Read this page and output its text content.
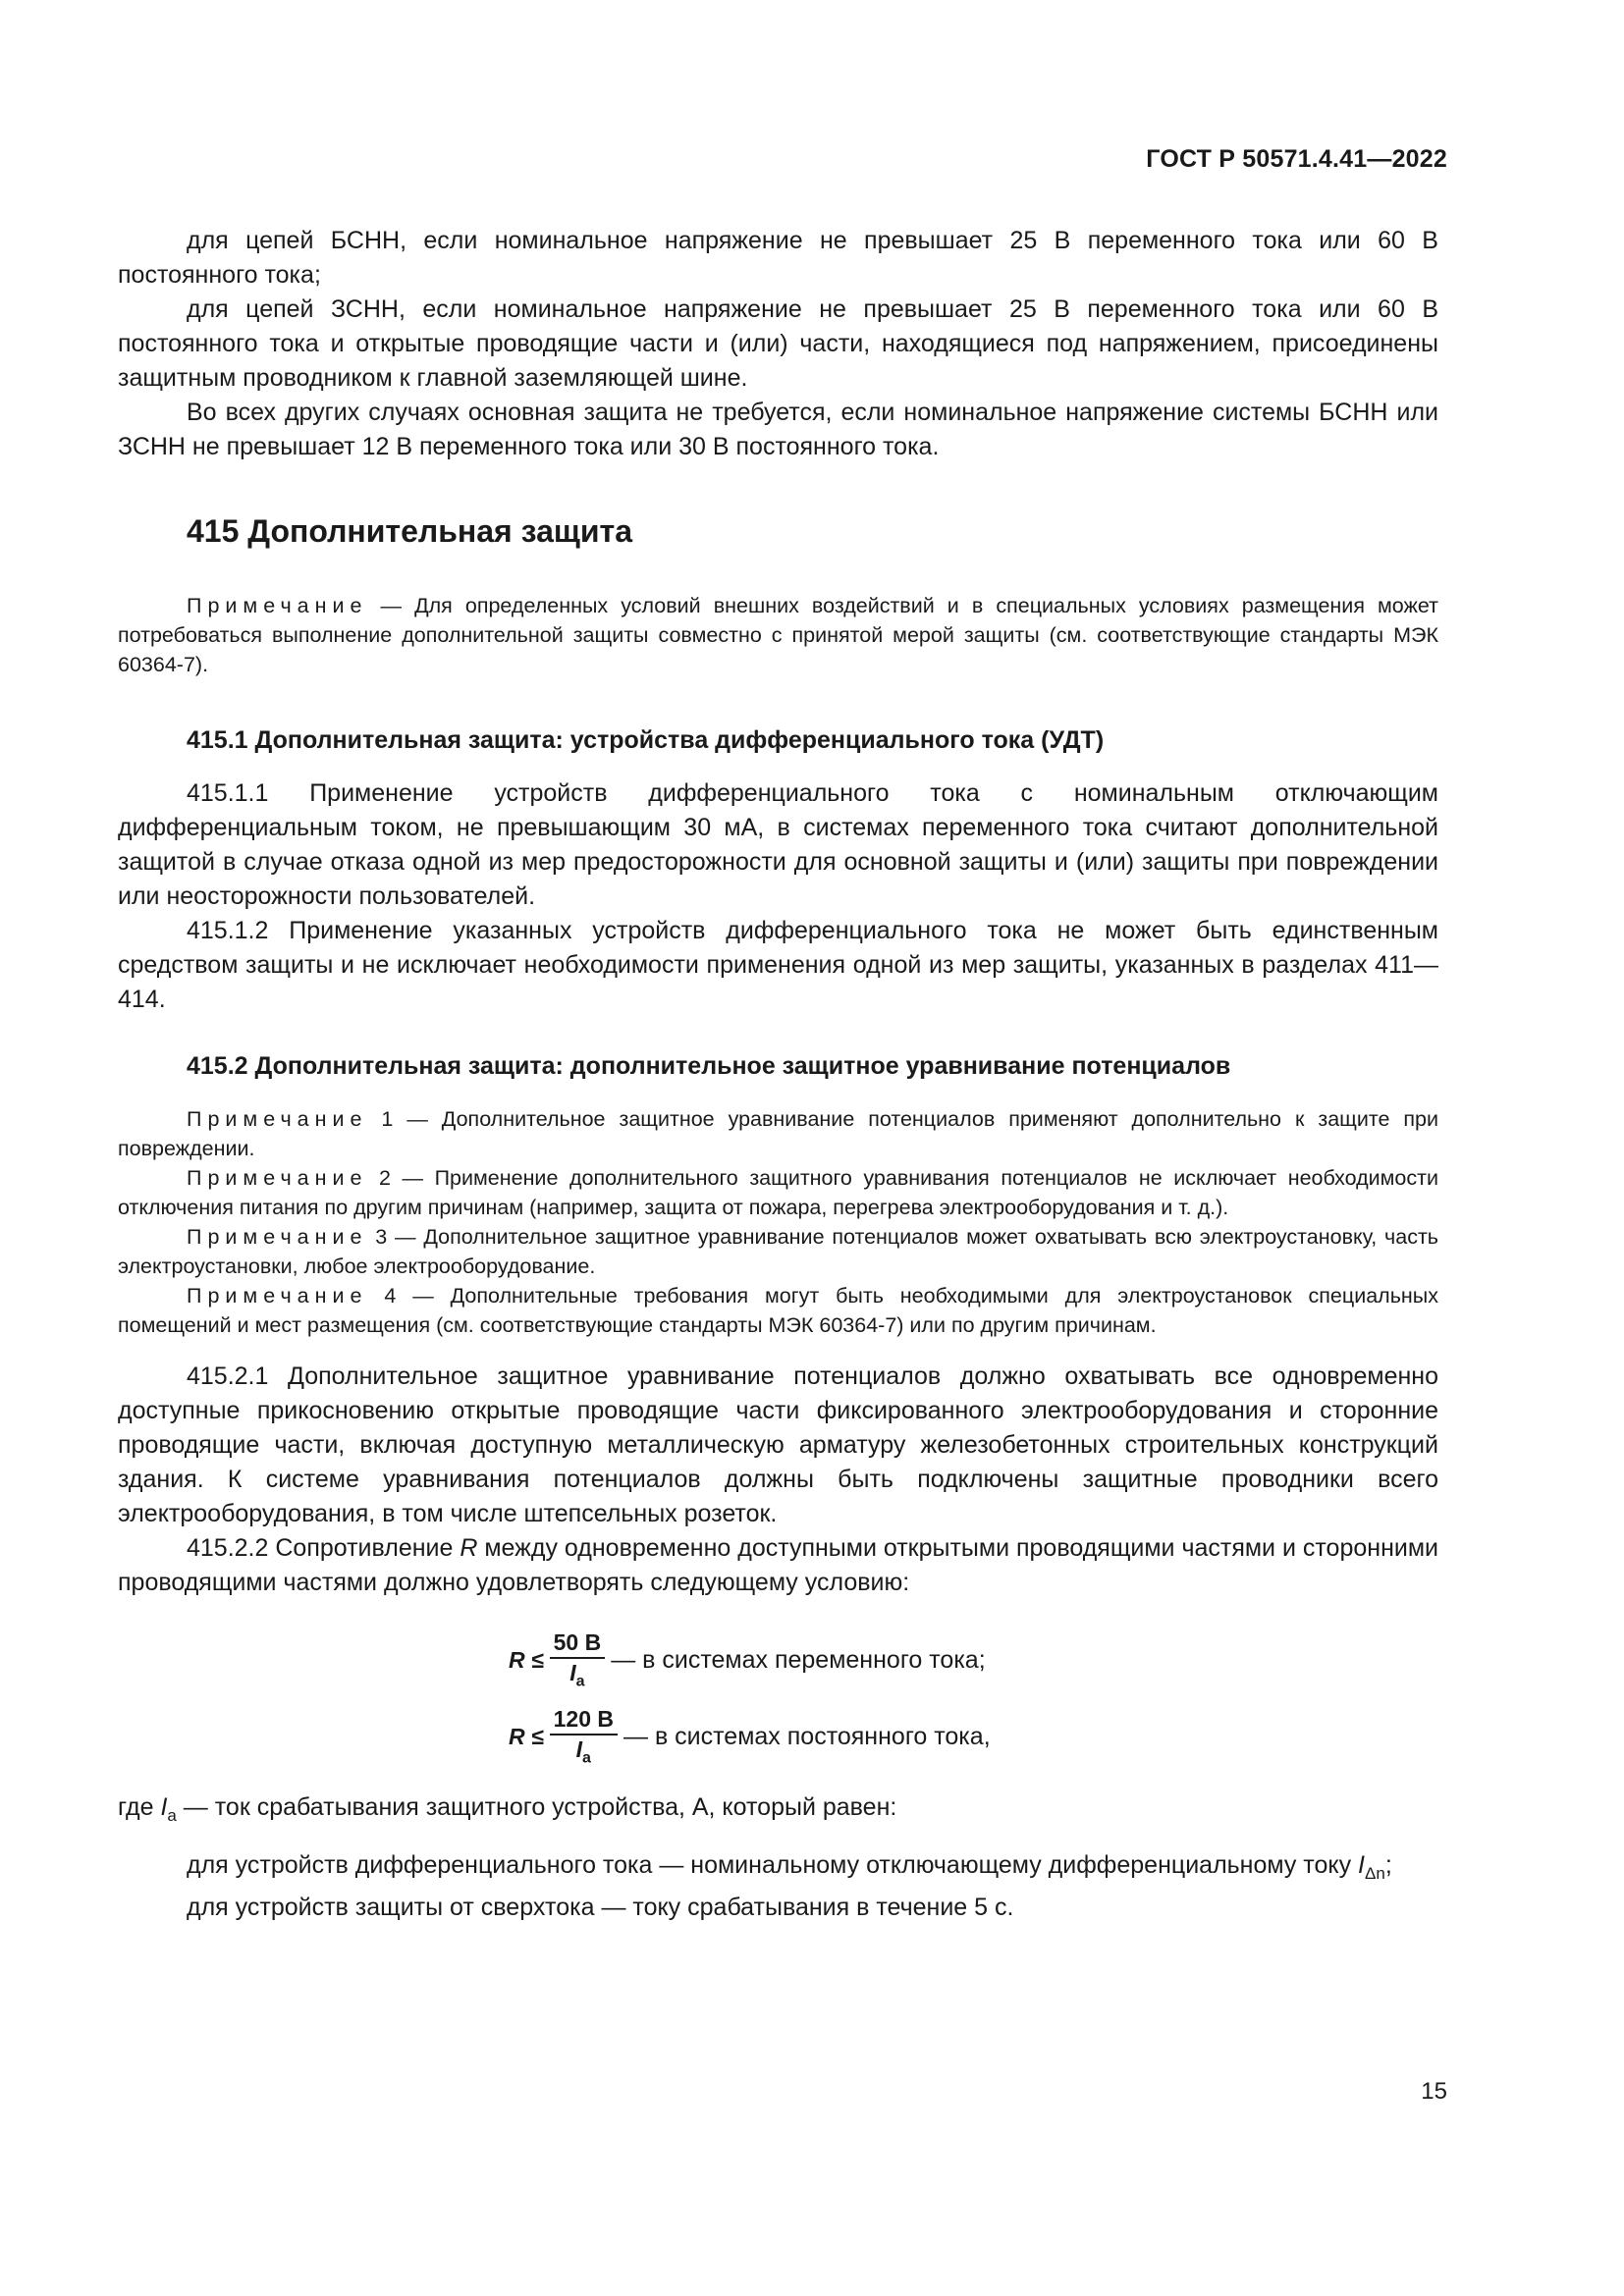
ГОСТ Р 50571.4.41—2022

для цепей БСНН, если номинальное напряжение не превышает 25 В переменного тока или 60 В постоянного тока;

для цепей ЗСНН, если номинальное напряжение не превышает 25 В переменного тока или 60 В постоянного тока и открытые проводящие части и (или) части, находящиеся под напряжением, присоединены защитным проводником к главной заземляющей шине.

Во всех других случаях основная защита не требуется, если номинальное напряжение системы БСНН или ЗСНН не превышает 12 В переменного тока или 30 В постоянного тока.

415 Дополнительная защита

Примечание — Для определенных условий внешних воздействий и в специальных условиях размещения может потребоваться выполнение дополнительной защиты совместно с принятой мерой защиты (см. соответствующие стандарты МЭК 60364-7).

415.1 Дополнительная защита: устройства дифференциального тока (УДТ)

415.1.1 Применение устройств дифференциального тока с номинальным отключающим дифференциальным током, не превышающим 30 мА, в системах переменного тока считают дополнительной защитой в случае отказа одной из мер предосторожности для основной защиты и (или) защиты при повреждении или неосторожности пользователей.

415.1.2 Применение указанных устройств дифференциального тока не может быть единственным средством защиты и не исключает необходимости применения одной из мер защиты, указанных в разделах 411—414.

415.2 Дополнительная защита: дополнительное защитное уравнивание потенциалов

Примечание 1 — Дополнительное защитное уравнивание потенциалов применяют дополнительно к защите при повреждении.

Примечание 2 — Применение дополнительного защитного уравнивания потенциалов не исключает необходимости отключения питания по другим причинам (например, защита от пожара, перегрева электрооборудования и т. д.).

Примечание 3 — Дополнительное защитное уравнивание потенциалов может охватывать всю электроустановку, часть электроустановки, любое электрооборудование.

Примечание 4 — Дополнительные требования могут быть необходимыми для электроустановок специальных помещений и мест размещения (см. соответствующие стандарты МЭК 60364-7) или по другим причинам.

415.2.1 Дополнительное защитное уравнивание потенциалов должно охватывать все одновременно доступные прикосновению открытые проводящие части фиксированного электрооборудования и сторонние проводящие части, включая доступную металлическую арматуру железобетонных строительных конструкций здания. К системе уравнивания потенциалов должны быть подключены защитные проводники всего электрооборудования, в том числе штепсельных розеток.

415.2.2 Сопротивление R между одновременно доступными открытыми проводящими частями и сторонними проводящими частями должно удовлетворять следующему условию:

$R \le \frac{50 В}{I_a}$ — в системах переменного тока;
$R \le \frac{120 В}{I_a}$ — в системах постоянного тока,

где $I_a$ — ток срабатывания защитного устройства, А, который равен:

для устройств дифференциального тока — номинальному отключающему дифференциальному току $I_{\Delta n}$;

для устройств защиты от сверхтока — току срабатывания в течение 5 с.

15
